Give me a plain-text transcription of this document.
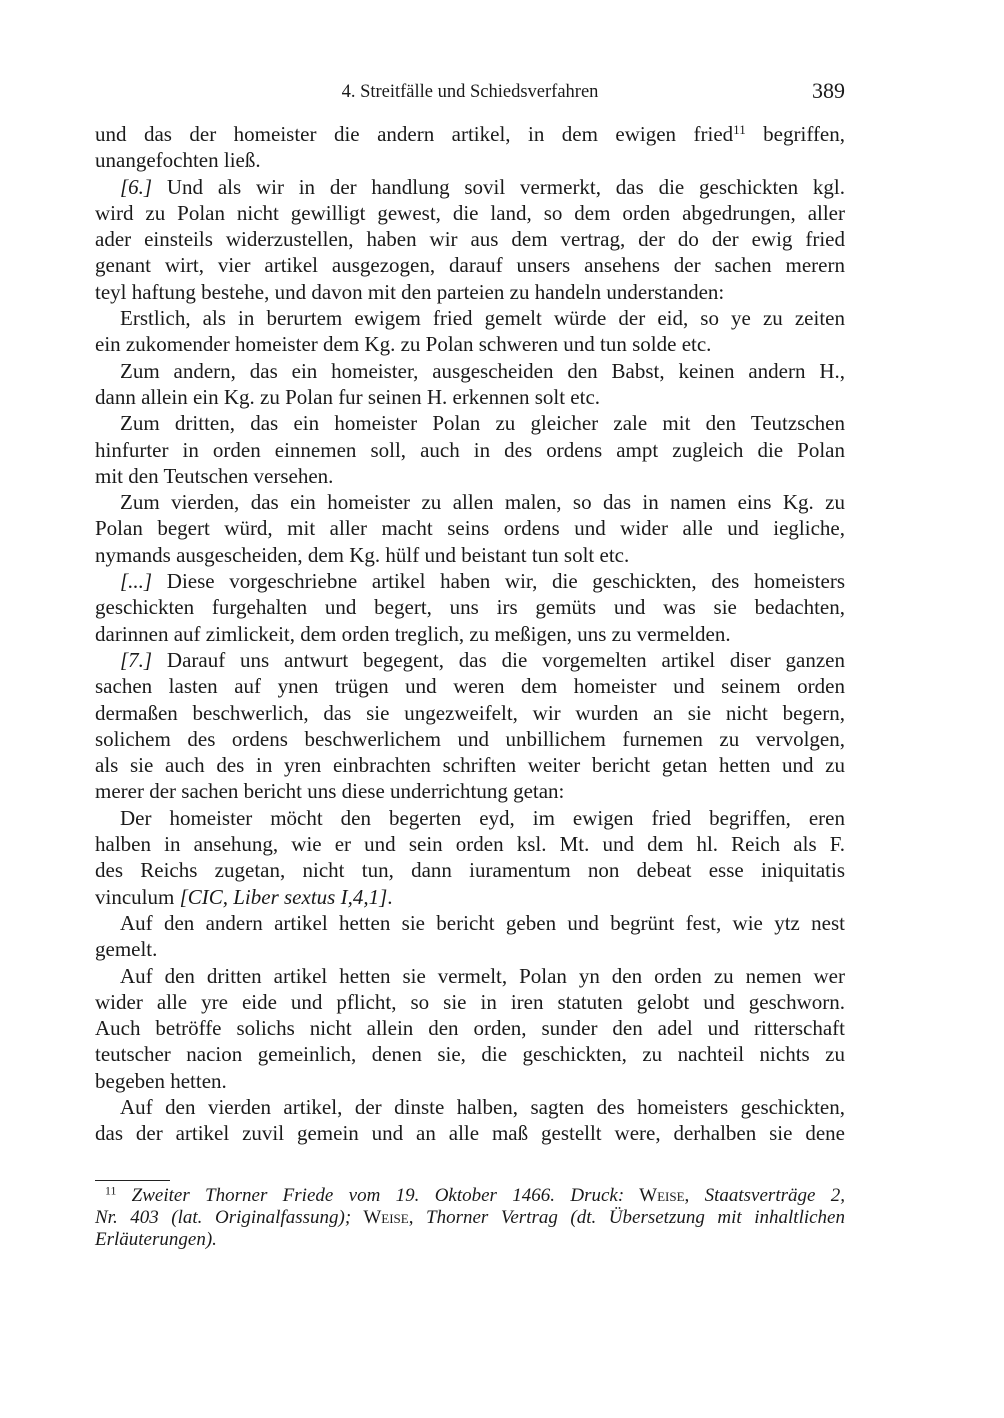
4. Streitfälle und Schiedsverfahren	389
und das der homeister die andern artikel, in dem ewigen fried$^{11}$ begriffen,
unangefochten ließ.
[6.] Und als wir in der handlung sovil vermerkt, das die geschickten kgl.
wird zu Polan nicht gewilligt gewest, die land, so dem orden abgedrungen, aller
ader einsteils widerzustellen, haben wir aus dem vertrag, der do der ewig fried
genant wirt, vier artikel ausgezogen, darauf unsers ansehens der sachen merern
teyl haftung bestehe, und davon mit den parteien zu handeln understanden:
Erstlich, als in berurtem ewigem fried gemelt würde der eid, so ye zu zeiten
ein zukomender homeister dem Kg. zu Polan schweren und tun solde etc.
Zum andern, das ein homeister, ausgescheiden den Babst, keinen andern H.,
dann allein ein Kg. zu Polan fur seinen H. erkennen solt etc.
Zum dritten, das ein homeister Polan zu gleicher zale mit den Teutzschen
hinfurter in orden einnemen soll, auch in des ordens ampt zugleich die Polan
mit den Teutschen versehen.
Zum vierden, das ein homeister zu allen malen, so das in namen eins Kg. zu
Polan begert würd, mit aller macht seins ordens und wider alle und iegliche,
nymands ausgescheiden, dem Kg. hülf und beistant tun solt etc.
[...] Diese vorgeschriebne artikel haben wir, die geschickten, des homeisters
geschickten furgehalten und begert, uns irs gemüts und was sie bedachten,
darinnen auf zimlickeit, dem orden treglich, zu meßigen, uns zu vermelden.
[7.] Darauf uns antwurt begegent, das die vorgemelten artikel diser ganzen
sachen lasten auf ynen trügen und weren dem homeister und seinem orden
dermaßen beschwerlich, das sie ungezweifelt, wir wurden an sie nicht begern,
solichem des ordens beschwerlichem und unbillichem furnemen zu vervolgen,
als sie auch des in yren einbrachten schriften weiter bericht getan hetten und zu
merer der sachen bericht uns diese underrichtung getan:
Der homeister möcht den begerten eyd, im ewigen fried begriffen, eren
halben in ansehung, wie er und sein orden ksl. Mt. und dem hl. Reich als F.
des Reichs zugetan, nicht tun, dann iuramentum non debeat esse iniquitatis
vinculum [CIC, Liber sextus I,4,1].
Auf den andern artikel hetten sie bericht geben und begrünt fest, wie ytz nest
gemelt.
Auf den dritten artikel hetten sie vermelt, Polan yn den orden zu nemen wer
wider alle yre eide und pflicht, so sie in iren statuten gelobt und geschworn.
Auch betröffe solichs nicht allein den orden, sunder den adel und ritterschaft
teutscher nacion gemeinlich, denen sie, die geschickten, zu nachteil nichts zu
begeben hetten.
Auf den vierden artikel, der dinste halben, sagten des homeisters geschickten,
das der artikel zuvil gemein und an alle maß gestellt were, derhalben sie dene
$^{11}$ Zweiter Thorner Friede vom 19. Oktober 1466. Druck: Weise, Staatsverträge 2,
Nr. 403 (lat. Originalfassung); Weise, Thorner Vertrag (dt. Übersetzung mit inhaltlichen
Erläuterungen).
